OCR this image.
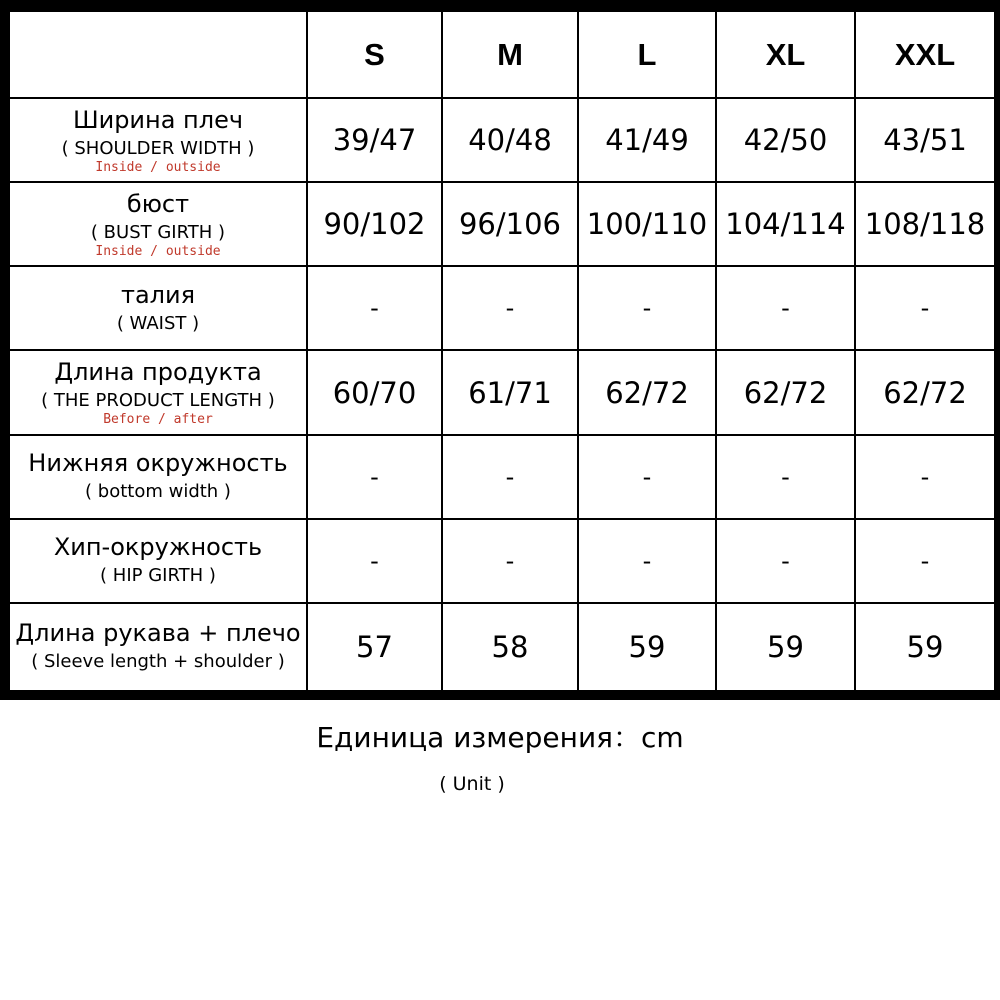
	S	M	L	XL	XXL

Ширина плеч
( SHOULDER WIDTH )
Inside / outside	39/47	40/48	41/49	42/50	43/51

бюст
( BUST GIRTH )
Inside / outside	90/102	96/106	100/110	104/114	108/118

талия
( WAIST )	-	-	-	-	-

Длина продукта
( THE PRODUCT LENGTH )
Before / after	60/70	61/71	62/72	62/72	62/72

Нижняя окружность
( bottom width )	-	-	-	-	-

Хип-окружность
( HIP GIRTH )	-	-	-	-	-

Длина рукава + плечо
( Sleeve length + shoulder )	57	58	59	59	59
Единица измерения：cm
( Unit )
